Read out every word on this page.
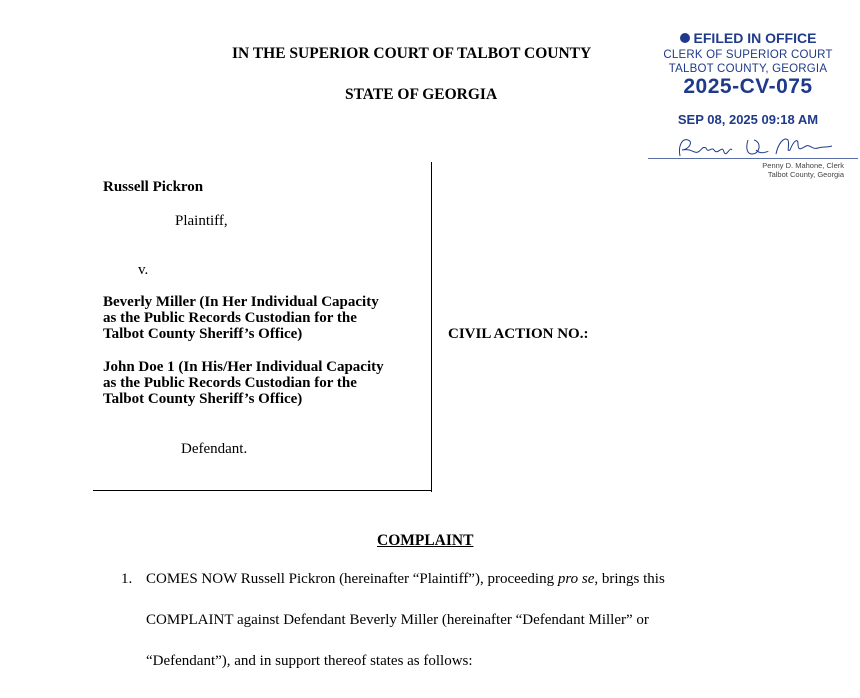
IN THE SUPERIOR COURT OF TALBOT COUNTY
STATE OF GEORGIA
EFILED IN OFFICE
CLERK OF SUPERIOR COURT
TALBOT COUNTY, GEORGIA
2025-CV-075
SEP 08, 2025 09:18 AM
Penny D. Mahone, Clerk
Talbot County, Georgia
Russell Pickron
Plaintiff,
v.
Beverly Miller (In Her Individual Capacity
as the Public Records Custodian for the
Talbot County Sheriff’s Office)
John Doe 1 (In His/Her Individual Capacity
as the Public Records Custodian for the
Talbot County Sheriff’s Office)
Defendant.
CIVIL ACTION NO.:
COMPLAINT
1. COMES NOW Russell Pickron (hereinafter “Plaintiff”), proceeding pro se, brings this
COMPLAINT against Defendant Beverly Miller (hereinafter “Defendant Miller” or
“Defendant”), and in support thereof states as follows:
